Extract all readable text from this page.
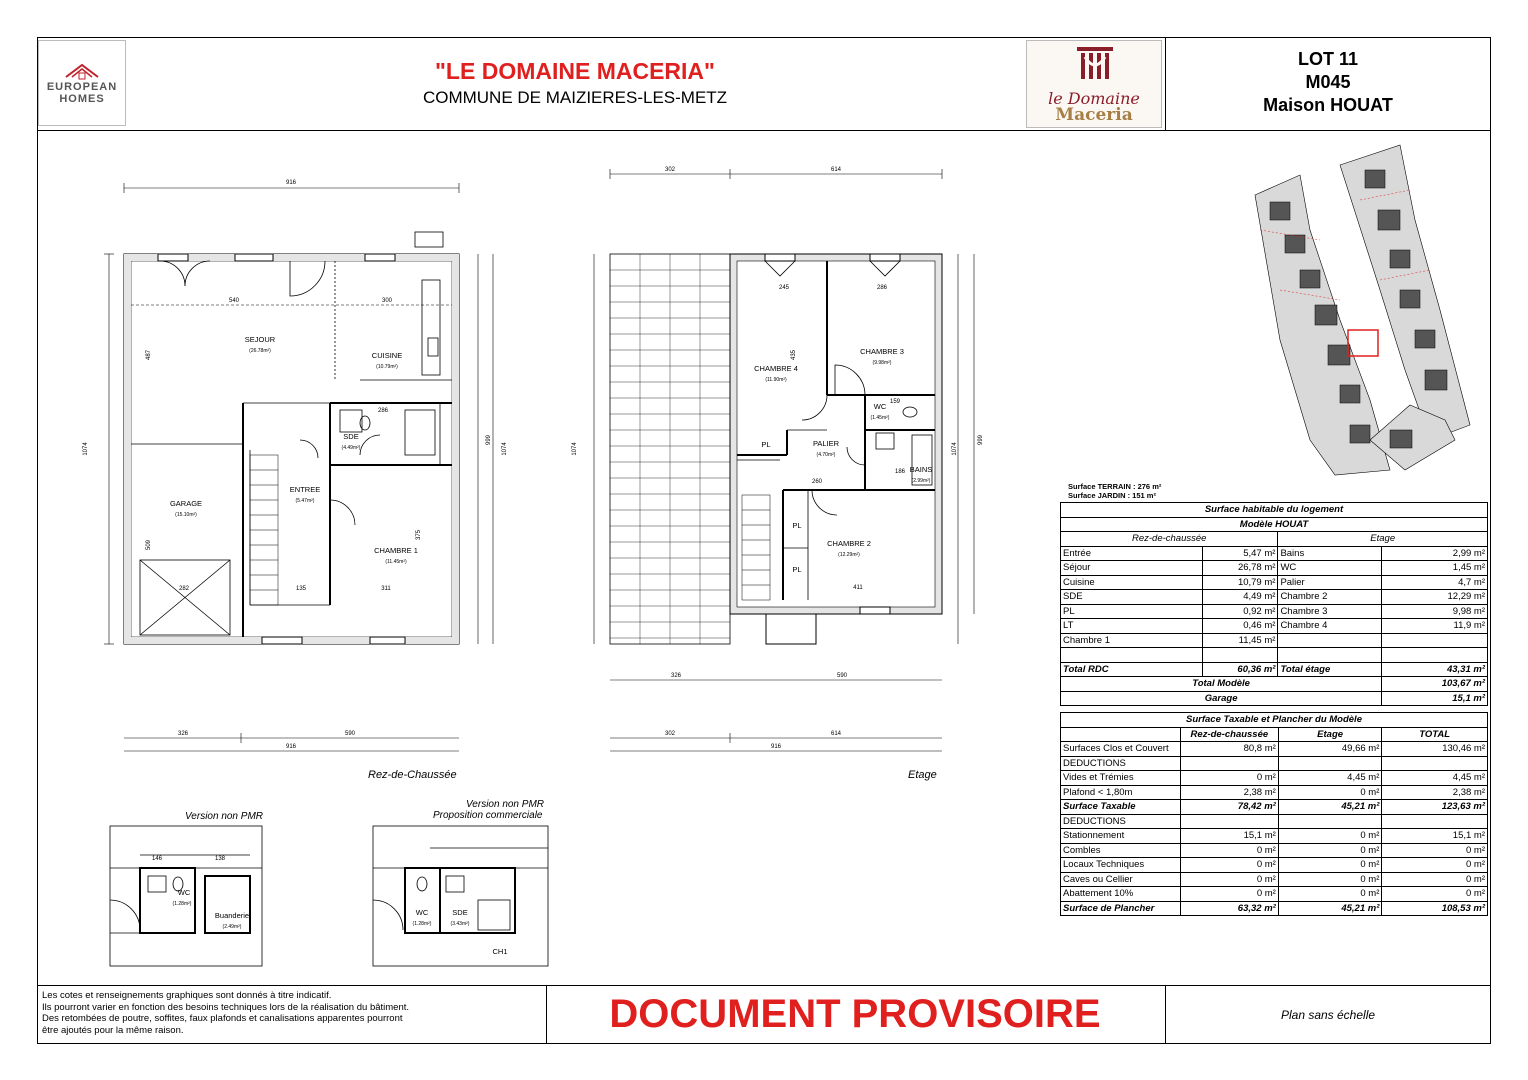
EUROPEAN
HOMES
"LE DOMAINE MACERIA"
COMMUNE DE MAIZIERES-LES-METZ	le Domaine
Maceria
LOT 11
M045
Maison HOUAT
SEJOUR
(26.78m²)	CUISINE
(10.79m²)
SDE
(4.49m²)
ENTREE
(5.47m²)
GARAGE
(15.10m²)
CHAMBRE 1
(11.45m²)
CHAMBRE 4
(11.90m²)
CHAMBRE 3
(9.98m²)
WC
(1.45m²)
PALIER
(4.70m²)
BAINS
(2.99m²)
CHAMBRE 2
(12.29m²)
PL
PL
PL
WC
(1.28m²)
Buanderie
(2.49m²)
WC
(1.28m²)
SDE
(3.43m²)
CH1
916
326	590
916
540	300
282
286
311
135
302	614
326	590
302	614
916
245	286
260
411
159
186
146	138
1074
999
1074
487
509
375
1074	1074
999
435
Rez-de-Chaussée	Etage
Version non PMR
Version non PMR
Proposition commerciale
Surface TERRAIN : 276 m²
Surface JARDIN : 151 m²
Surface habitable du logement			
Modèle HOUAT			
Rez-de-chaussée		Etage	
Entrée	5,47 m²	Bains	2,99 m²
Séjour	26,78 m²	WC	1,45 m²
Cuisine	10,79 m²	Palier	4,7 m²
SDE	4,49 m²	Chambre 2	12,29 m²
PL	0,92 m²	Chambre 3	9,98 m²
LT	0,46 m²	Chambre 4	11,9 m²
Chambre 1	11,45 m²		

Total RDC	60,36 m²	Total étage	43,31 m²
Total Modèle			103,67 m²
Garage			15,1 m²
Surface Taxable et Plancher du Modèle			
	Rez-de-chaussée	Etage	TOTAL
Surfaces Clos et Couvert	80,8 m²	49,66 m²	130,46 m²
DEDUCTIONS			
Vides et Trémies	0 m²	4,45 m²	4,45 m²
Plafond < 1,80m	2,38 m²	0 m²	2,38 m²
Surface Taxable	78,42 m²	45,21 m²	123,63 m²
DEDUCTIONS			
Stationnement	15,1 m²	0 m²	15,1 m²
Combles	0 m²	0 m²	0 m²
Locaux Techniques	0 m²	0 m²	0 m²
Caves ou Cellier	0 m²	0 m²	0 m²
Abattement 10%	0 m²	0 m²	0 m²
Surface de Plancher	63,32 m²	45,21 m²	108,53 m²
Les cotes et renseignements graphiques sont donnés à titre indicatif.
Ils pourront varier en fonction des besoins techniques lors de la réalisation du bâtiment.
Des retombées de poutre, soffites, faux plafonds et canalisations apparentes pourront
être ajoutés pour la même raison.	DOCUMENT PROVISOIRE	Plan sans échelle
